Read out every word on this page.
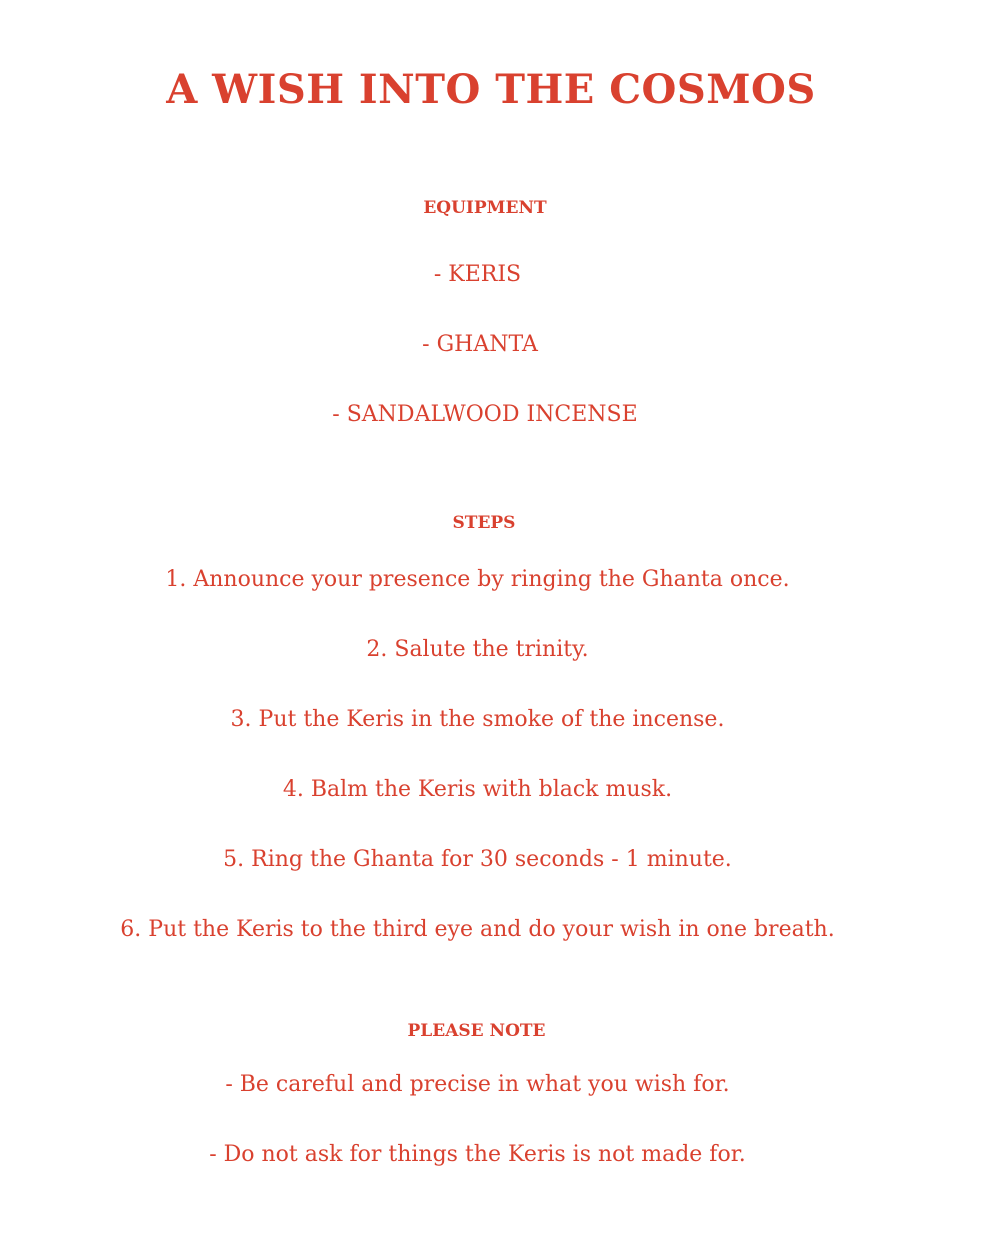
A WISH INTO THE COSMOS
EQUIPMENT
- KERIS
- GHANTA
- SANDALWOOD INCENSE
STEPS
1. Announce your presence by ringing the Ghanta once.
2. Salute the trinity.
3. Put the Keris in the smoke of the incense.
4. Balm the Keris with black musk.
5. Ring the Ghanta for 30 seconds - 1 minute.
6. Put the Keris to the third eye and do your wish in one breath.
PLEASE NOTE
- Be careful and precise in what you wish for.
- Do not ask for things the Keris is not made for.
